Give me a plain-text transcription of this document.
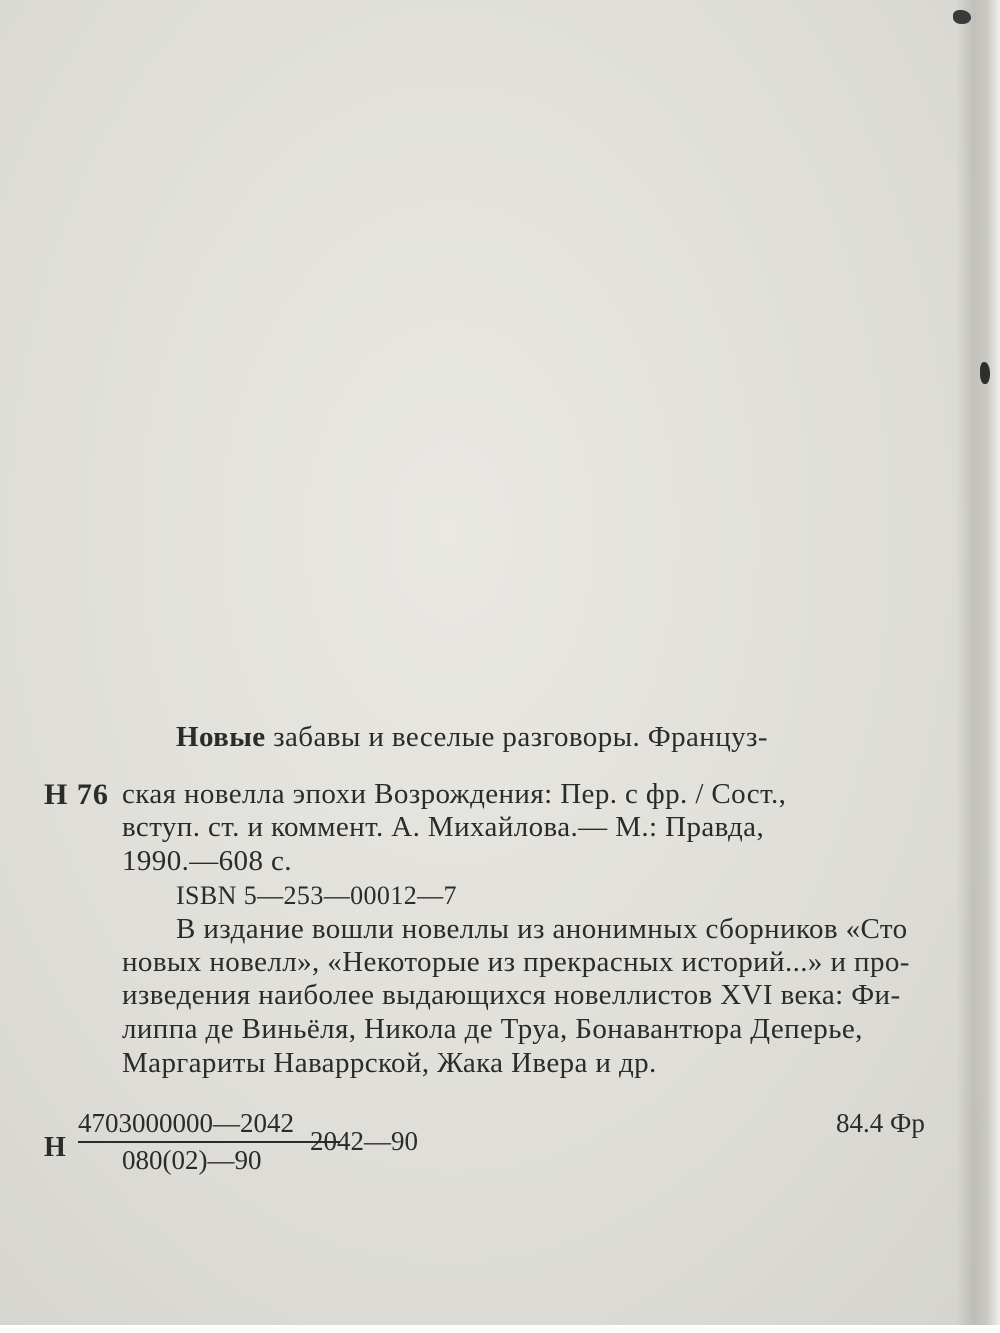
Новые забавы и веселые разговоры. Француз-
Н 76 ская новелла эпохи Возрождения: Пер. с фр. / Сост.,
вступ. ст. и коммент. А. Михайлова.— М.: Правда,
1990.—608 с.
ISBN 5—253—00012—7
В издание вошли новеллы из анонимных сборников «Сто
новых новелл», «Некоторые из прекрасных историй...» и про-
изведения наиболее выдающихся новеллистов XVI века: Фи-
липпа де Виньёля, Никола де Труа, Бонавантюра Деперье,
Маргариты Наваррской, Жака Ивера и др.
Н $\frac{4703000000—2042}{080(02)—90}$
2042—90
84.4 Фр
